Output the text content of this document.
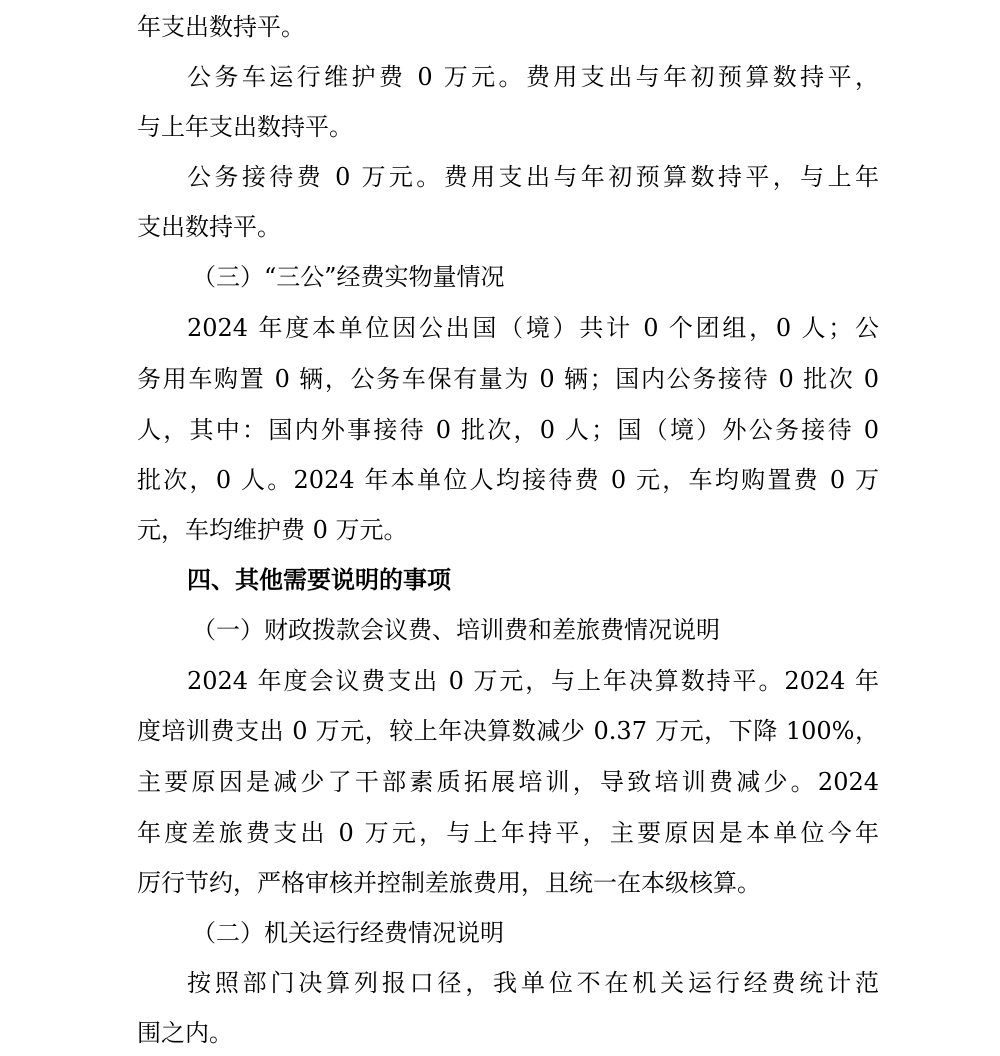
年支出数持平。
公务车运行维护费 0 万元。费用支出与年初预算数持平，
与上年支出数持平。
公务接待费 0 万元。费用支出与年初预算数持平，与上年
支出数持平。
（三）“三公”经费实物量情况
2024 年度本单位因公出国（境）共计 0 个团组，0 人；公
务用车购置 0 辆，公务车保有量为 0 辆；国内公务接待 0 批次 0
人，其中：国内外事接待 0 批次，0 人；国（境）外公务接待 0
批次，0 人。2024 年本单位人均接待费 0 元，车均购置费 0 万
元，车均维护费 0 万元。
四、其他需要说明的事项
（一）财政拨款会议费、培训费和差旅费情况说明
2024 年度会议费支出 0 万元，与上年决算数持平。2024 年
度培训费支出 0 万元，较上年决算数减少 0.37 万元，下降 100%，
主要原因是减少了干部素质拓展培训，导致培训费减少。2024
年度差旅费支出 0 万元，与上年持平，主要原因是本单位今年
厉行节约，严格审核并控制差旅费用，且统一在本级核算。
（二）机关运行经费情况说明
按照部门决算列报口径，我单位不在机关运行经费统计范
围之内。
